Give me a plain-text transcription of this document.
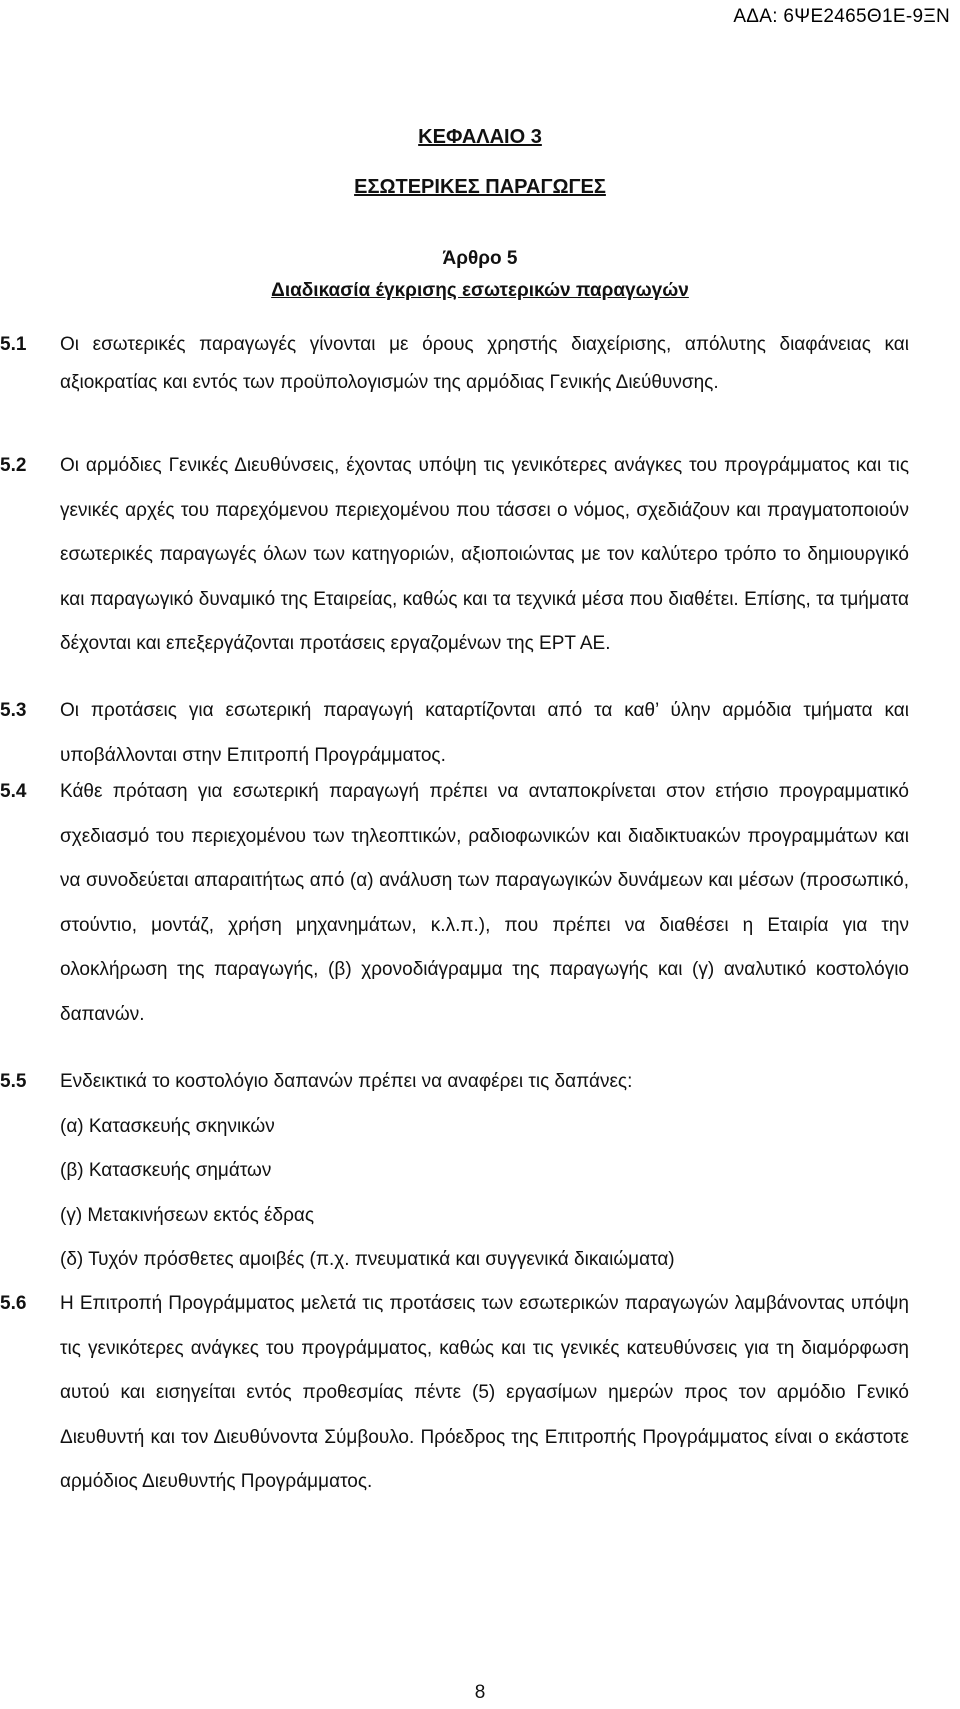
ΑΔΑ: 6ΨΕ2465Θ1Ε-9ΞΝ
ΚΕΦΑΛΑΙΟ 3
ΕΣΩΤΕΡΙΚΕΣ ΠΑΡΑΓΩΓΕΣ
Άρθρο 5
Διαδικασία έγκρισης εσωτερικών παραγωγών
5.1	Οι εσωτερικές παραγωγές γίνονται με όρους χρηστής διαχείρισης, απόλυτης διαφάνειας και αξιοκρατίας και εντός των προϋπολογισμών της αρμόδιας Γενικής Διεύθυνσης.
5.2	Οι αρμόδιες Γενικές Διευθύνσεις, έχοντας υπόψη τις γενικότερες ανάγκες του προγράμματος και τις γενικές αρχές του παρεχόμενου περιεχομένου που τάσσει ο νόμος, σχεδιάζουν και πραγματοποιούν εσωτερικές παραγωγές όλων των κατηγοριών, αξιοποιώντας με τον καλύτερο τρόπο το δημιουργικό και παραγωγικό δυναμικό της Εταιρείας, καθώς και τα τεχνικά μέσα που διαθέτει. Επίσης, τα τμήματα δέχονται και επεξεργάζονται προτάσεις εργαζομένων της ΕΡΤ ΑΕ.
5.3	Οι προτάσεις για εσωτερική παραγωγή καταρτίζονται από τα καθ’ ύλην αρμόδια τμήματα και υποβάλλονται στην Επιτροπή Προγράμματος.
5.4	Κάθε πρόταση για εσωτερική παραγωγή πρέπει να ανταποκρίνεται στον ετήσιο προγραμματικό σχεδιασμό του περιεχομένου των τηλεοπτικών, ραδιοφωνικών και διαδικτυακών προγραμμάτων και να συνοδεύεται απαραιτήτως από (α) ανάλυση των παραγωγικών δυνάμεων και μέσων (προσωπικό, στούντιο, μοντάζ, χρήση μηχανημάτων, κ.λ.π.), που πρέπει να διαθέσει η Εταιρία για την ολοκλήρωση της παραγωγής, (β) χρονοδιάγραμμα της παραγωγής και (γ) αναλυτικό κοστολόγιο δαπανών.
5.5	Ενδεικτικά το κοστολόγιο δαπανών πρέπει να αναφέρει τις δαπάνες:
(α) Κατασκευής σκηνικών
(β) Κατασκευής σημάτων
(γ) Μετακινήσεων εκτός έδρας
(δ) Τυχόν πρόσθετες αμοιβές (π.χ. πνευματικά και συγγενικά δικαιώματα)
5.6	Η Επιτροπή Προγράμματος μελετά τις προτάσεις των εσωτερικών παραγωγών λαμβάνοντας υπόψη τις γενικότερες ανάγκες του προγράμματος, καθώς και τις γενικές κατευθύνσεις για τη διαμόρφωση αυτού και εισηγείται εντός προθεσμίας πέντε (5) εργασίμων ημερών προς τον αρμόδιο Γενικό Διευθυντή και τον Διευθύνοντα Σύμβουλο. Πρόεδρος της Επιτροπής Προγράμματος είναι ο εκάστοτε αρμόδιος Διευθυντής Προγράμματος.
8
